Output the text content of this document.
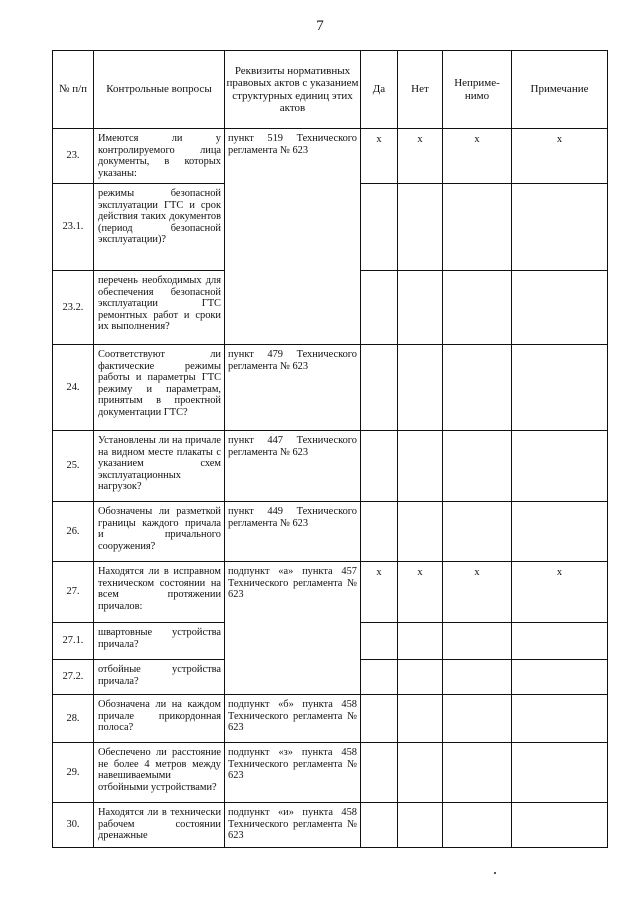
7
№ п/п	Контрольные вопросы	Реквизиты нормативных правовых актов с указанием структурных единиц этих актов	Да	Нет	Неприме-нимо	Примечание
23.	Имеются ли у контролируемого лица документы, в которых указаны:	пункт 519 Технического регламента № 623	x	x	x	x
23.1.	режимы безопасной эксплуатации ГТС и срок действия таких документов (период безопасной эксплуатации)?					
23.2.	перечень необходимых для обеспечения безопасной эксплуатации ГТС ремонтных работ и сроки их выполнения?					
24.	Соответствуют ли фактические режимы работы и параметры ГТС режиму и параметрам, принятым в проектной документации ГТС?	пункт 479 Технического регламента № 623				
25.	Установлены ли на причале на видном месте плакаты с указанием схем эксплуатационных нагрузок?	пункт 447 Технического регламента № 623				
26.	Обозначены ли разметкой границы каждого причала и причального сооружения?	пункт 449 Технического регламента № 623				
27.	Находятся ли в исправном техническом состоянии на всем протяжении причалов:	подпункт «а» пункта 457 Технического регламента № 623	x	x	x	x
27.1.	швартовные устройства причала?					
27.2.	отбойные устройства причала?					
28.	Обозначена ли на каждом причале прикордонная полоса?	подпункт «б» пункта 458 Технического регламента № 623				
29.	Обеспечено ли расстояние не более 4 метров между навешиваемыми отбойными устройствами?	подпункт «з» пункта 458 Технического регламента № 623				
30.	Находятся ли в технически рабочем состоянии дренажные	подпункт «и» пункта 458 Технического регламента № 623				
